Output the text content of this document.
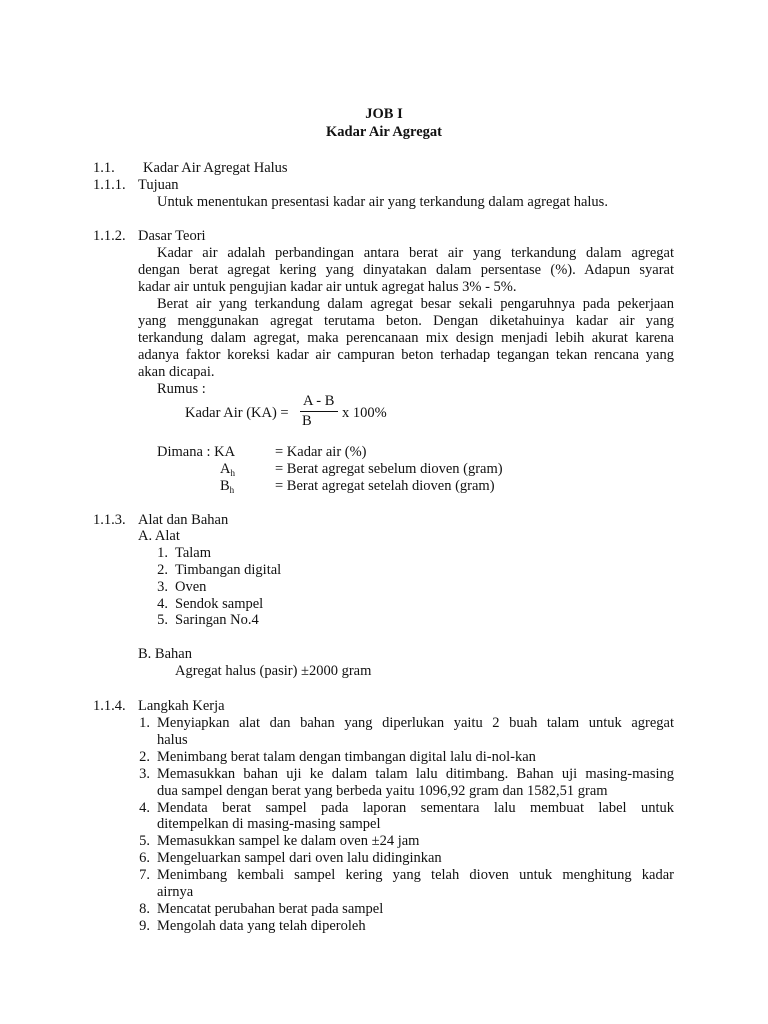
JOB I
Kadar Air Agregat
1.1. Kadar Air Agregat Halus
1.1.1. Tujuan
Untuk menentukan presentasi kadar air yang terkandung dalam agregat halus.
1.1.2. Dasar Teori
Kadar air adalah perbandingan antara berat air yang terkandung dalam agregat
dengan berat agregat kering yang dinyatakan dalam persentase (%). Adapun syarat
kadar air untuk pengujian kadar air untuk agregat halus 3% - 5%.
Berat air yang terkandung dalam agregat besar sekali pengaruhnya pada pekerjaan
yang menggunakan agregat terutama beton. Dengan diketahuinya kadar air yang
terkandung dalam agregat, maka perencanaan mix design menjadi lebih akurat karena
adanya faktor koreksi kadar air campuran beton terhadap tegangan tekan rencana yang
akan dicapai.
Rumus :
Kadar Air (KA) =
A - B
B x 100%
Dimana : KA	= Kadar air (%)
$A_h$	= Berat agregat sebelum dioven (gram)
$B_h$	= Berat agregat setelah dioven (gram)
1.1.3. Alat dan Bahan
A. Alat
1. Talam
2. Timbangan digital
3. Oven
4. Sendok sampel
5. Saringan No.4
B. Bahan
Agregat halus (pasir) ±2000 gram
1.1.4. Langkah Kerja
1. Menyiapkan alat dan bahan yang diperlukan yaitu 2 buah talam untuk agregat
halus
2. Menimbang berat talam dengan timbangan digital lalu di-nol-kan
3. Memasukkan bahan uji ke dalam talam lalu ditimbang. Bahan uji masing-masing
dua sampel dengan berat yang berbeda yaitu 1096,92 gram dan 1582,51 gram
4. Mendata berat sampel pada laporan sementara lalu membuat label untuk
ditempelkan di masing-masing sampel
5. Memasukkan sampel ke dalam oven ±24 jam
6. Mengeluarkan sampel dari oven lalu didinginkan
7. Menimbang kembali sampel kering yang telah dioven untuk menghitung kadar
airnya
8. Mencatat perubahan berat pada sampel
9. Mengolah data yang telah diperoleh
